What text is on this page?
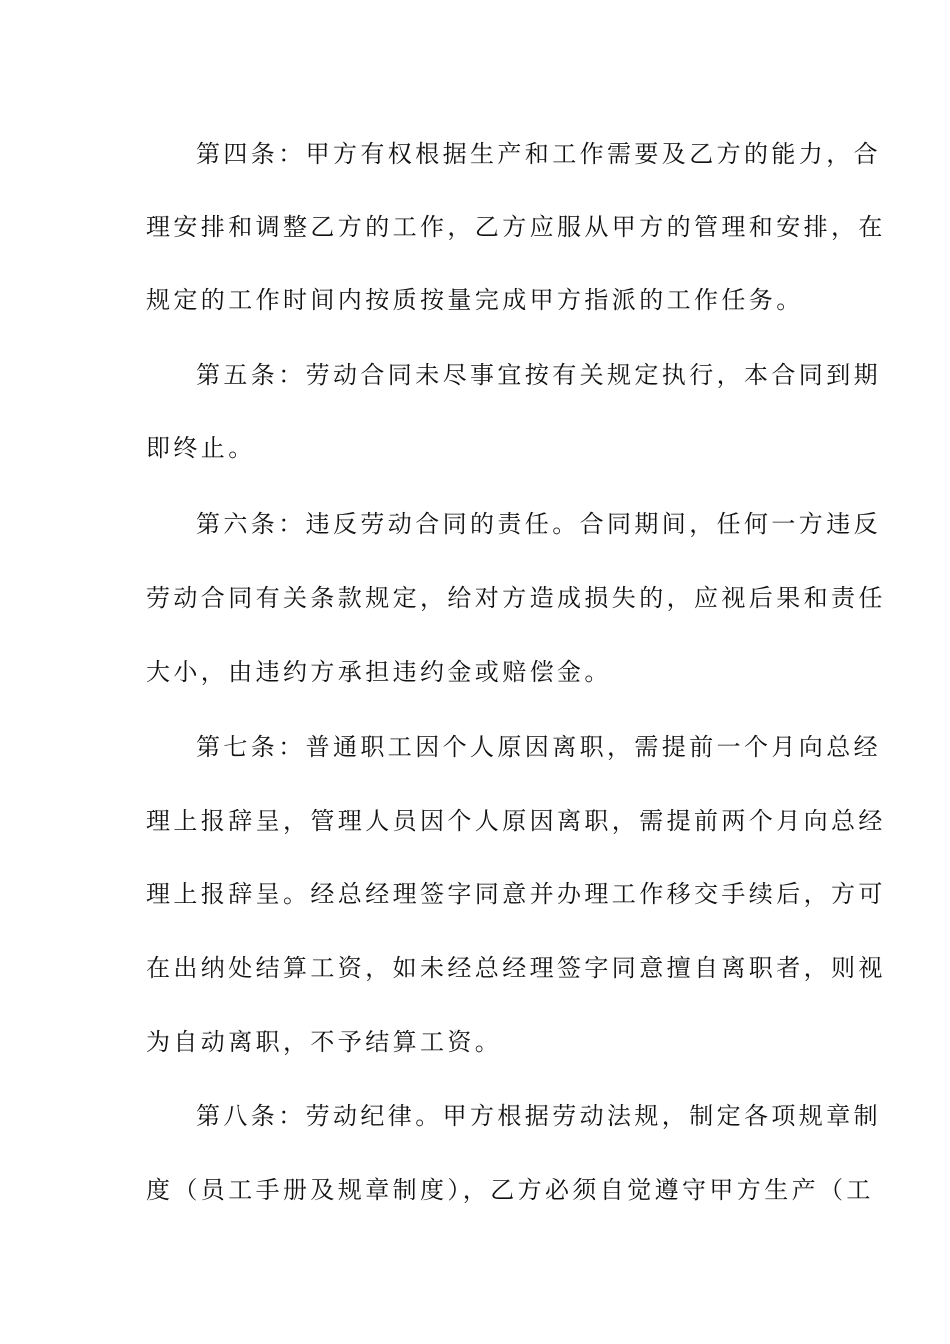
第四条：甲方有权根据生产和工作需要及乙方的能力，合
理安排和调整乙方的工作，乙方应服从甲方的管理和安排，在
规定的工作时间内按质按量完成甲方指派的工作任务。
第五条：劳动合同未尽事宜按有关规定执行，本合同到期
即终止。
第六条：违反劳动合同的责任。合同期间，任何一方违反
劳动合同有关条款规定，给对方造成损失的，应视后果和责任
大小，由违约方承担违约金或赔偿金。
第七条：普通职工因个人原因离职，需提前一个月向总经
理上报辞呈，管理人员因个人原因离职，需提前两个月向总经
理上报辞呈。经总经理签字同意并办理工作移交手续后，方可
在出纳处结算工资，如未经总经理签字同意擅自离职者，则视
为自动离职，不予结算工资。
第八条：劳动纪律。甲方根据劳动法规，制定各项规章制
度（员工手册及规章制度），乙方必须自觉遵守甲方生产（工
